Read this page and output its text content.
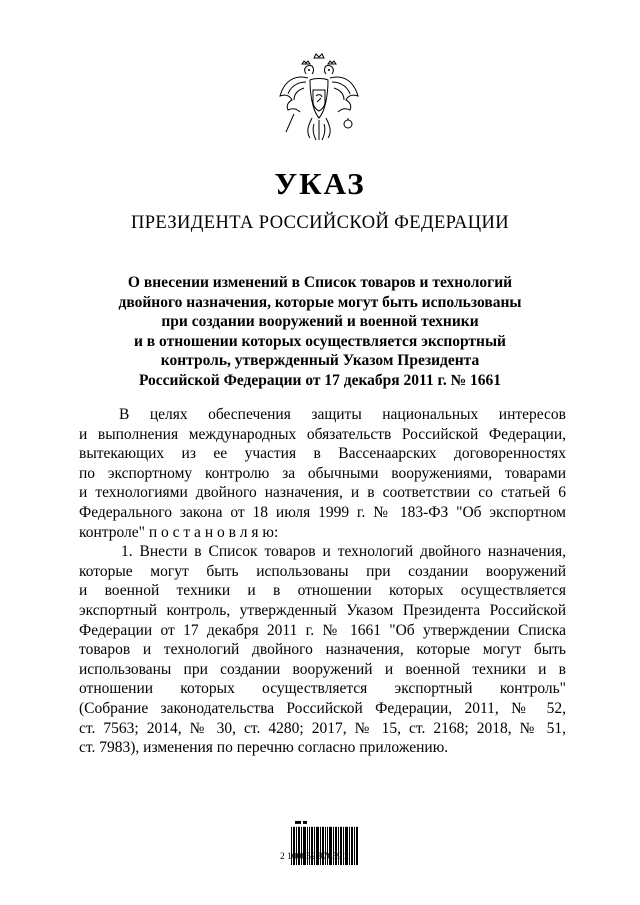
УКАЗ
ПРЕЗИДЕНТА РОССИЙСКОЙ ФЕДЕРАЦИИ
О внесении изменений в Список товаров и технологий
двойного назначения, которые могут быть использованы
при создании вооружений и военной техники
и в отношении которых осуществляется экспортный
контроль, утвержденный Указом Президента
Российской Федерации от 17 декабря 2011 г. № 1661
В целях обеспечения защиты национальных интересов
и выполнения международных обязательств Российской Федерации,
вытекающих из ее участия в Вассенаарских договоренностях
по экспортному контролю за обычными вооружениями, товарами
и технологиями двойного назначения, и в соответствии со статьей 6
Федерального закона от 18 июля 1999 г. № 183-ФЗ "Об экспортном
контроле" п о с т а н о в л я ю:
1. Внести в Список товаров и технологий двойного назначения,
которые могут быть использованы при создании вооружений
и военной техники и в отношении которых осуществляется
экспортный контроль, утвержденный Указом Президента Российской
Федерации от 17 декабря 2011 г. № 1661 "Об утверждении Списка
товаров и технологий двойного назначения, которые могут быть
использованы при создании вооружений и военной техники и в
отношении которых осуществляется экспортный контроль"
(Собрание законодательства Российской Федерации, 2011, № 52,
ст. 7563; 2014, № 30, ст. 4280; 2017, № 15, ст. 2168; 2018, № 51,
ст. 7983), изменения по перечню согласно приложению.
2 100052 97059 2
